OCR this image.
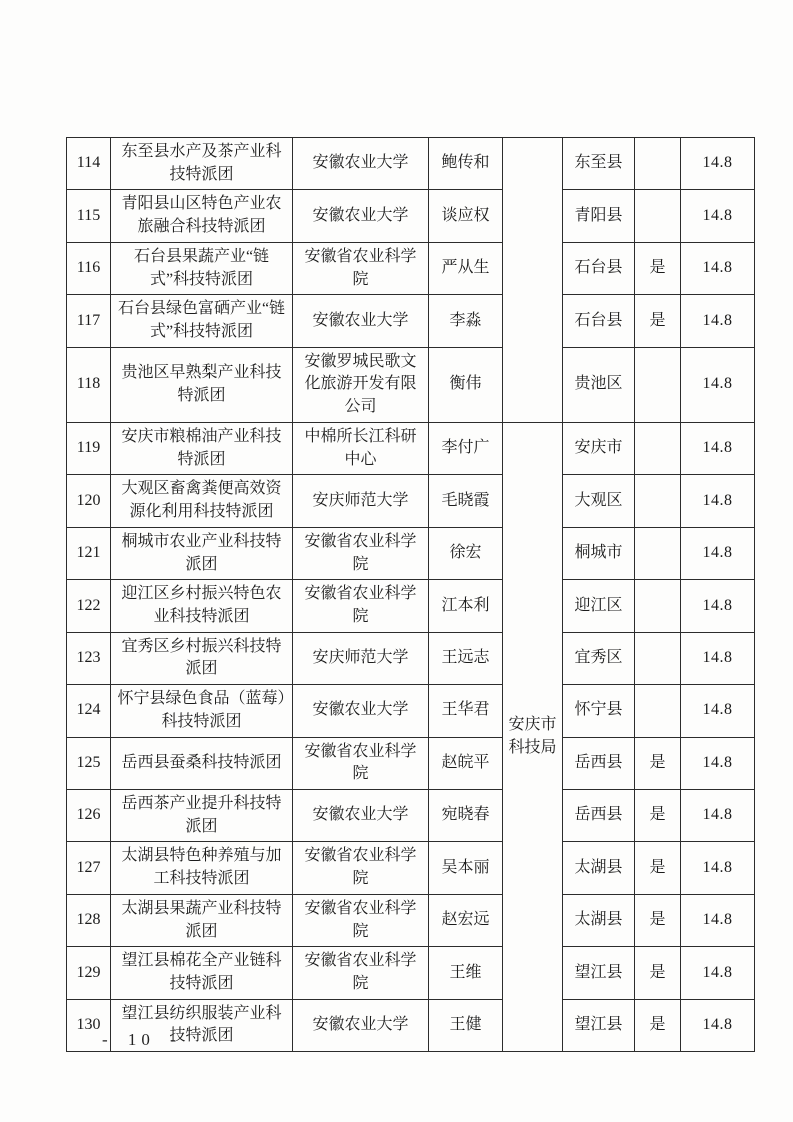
114	东至县水产及茶产业科技特派团	安徽农业大学	鲍传和		东至县		14.8
115	青阳县山区特色产业农旅融合科技特派团	安徽农业大学	谈应权		青阳县		14.8
116	石台县果蔬产业“链式”科技特派团	安徽省农业科学院	严从生		石台县	是	14.8
117	石台县绿色富硒产业“链式”科技特派团	安徽农业大学	李淼		石台县	是	14.8
118	贵池区早熟梨产业科技特派团	安徽罗城民歌文化旅游开发有限公司	衡伟		贵池区		14.8
119	安庆市粮棉油产业科技特派团	中棉所长江科研中心	李付广	安庆市科技局	安庆市		14.8
120	大观区畜禽粪便高效资源化利用科技特派团	安庆师范大学	毛晓霞		大观区		14.8
121	桐城市农业产业科技特派团	安徽省农业科学院	徐宏		桐城市		14.8
122	迎江区乡村振兴特色农业科技特派团	安徽省农业科学院	江本利		迎江区		14.8
123	宜秀区乡村振兴科技特派团	安庆师范大学	王远志		宜秀区		14.8
124	怀宁县绿色食品（蓝莓）科技特派团	安徽农业大学	王华君		怀宁县		14.8
125	岳西县蚕桑科技特派团	安徽省农业科学院	赵皖平		岳西县	是	14.8
126	岳西茶产业提升科技特派团	安徽农业大学	宛晓春		岳西县	是	14.8
127	太湖县特色种养殖与加工科技特派团	安徽省农业科学院	吴本丽		太湖县	是	14.8
128	太湖县果蔬产业科技特派团	安徽省农业科学院	赵宏远		太湖县	是	14.8
129	望江县棉花全产业链科技特派团	安徽省农业科学院	王维		望江县	是	14.8
130	望江县纺织服装产业科技特派团	安徽农业大学	王健		望江县	是	14.8
- 10 -
